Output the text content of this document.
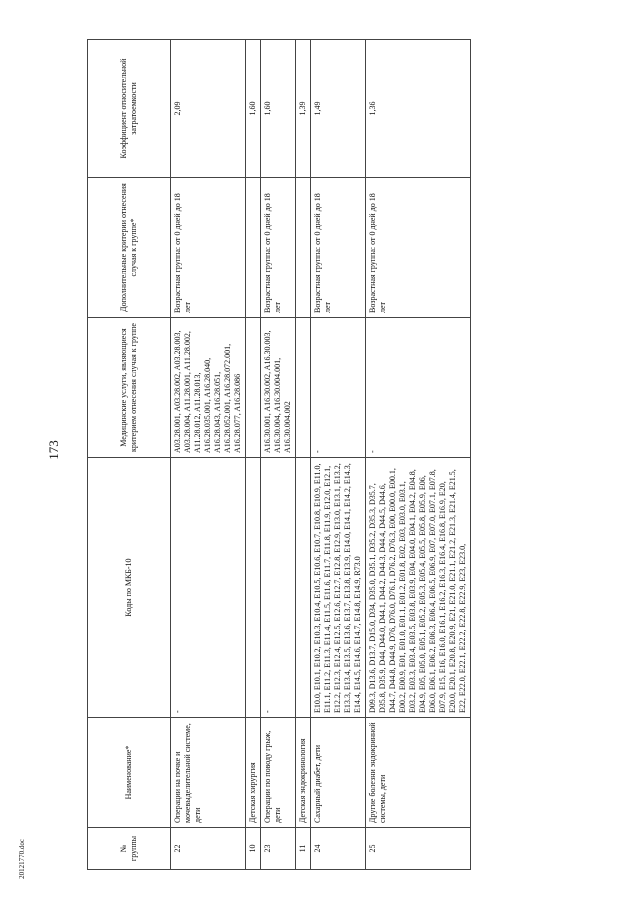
173
20121770.doc	№ группы	Наименование*	Коды по МКБ-10	Медицинские услуги, являющиеся критерием отнесения случая к группе	Дополнительные критерии отнесения случая к группе*	Коэффициент относительной затратоемкости
22	Операции на почке и мочевыделительной системе, дети	-	A03.28.001, A03.28.002, A03.28.003, A03.28.004, A11.28.001, A11.28.002, A11.28.012, A11.28.013, A16.28.035.001, A16.28.040, A16.28.043, A16.28.051, A16.28.052.001, A16.28.072.001, A16.28.077, A16.28.086	Возрастная группа: от 0 дней до 18 лет	2,09
10	Детская хирургия				1,60
23	Операции по поводу грыж, дети	-	A16.30.001, A16.30.002, A16.30.003, A16.30.004, A16.30.004.001, A16.30.004.002	Возрастная группа: от 0 дней до 18 лет	1,60
11	Детская эндокринология				1,39
24	Сахарный диабет, дети	E10.0, E10.1, E10.2, E10.3, E10.4, E10.5, E10.6, E10.7, E10.8, E10.9, E11.0, E11.1, E11.2, E11.3, E11.4, E11.5, E11.6, E11.7, E11.8, E11.9, E12.0, E12.1, E12.2, E12.3, E12.4, E12.5, E12.6, E12.7, E12.8, E12.9, E13.0, E13.1, E13.2, E13.3, E13.4, E13.5, E13.6, E13.7, E13.8, E13.9, E14.0, E14.1, E14.2, E14.3, E14.4, E14.5, E14.6, E14.7, E14.8, E14.9, R73.0	-	Возрастная группа: от 0 дней до 18 лет	1,49
25	Другие болезни эндокринной системы, дети	D09.3, D13.6, D13.7, D15.0, D34, D35.0, D35.1, D35.2, D35.3, D35.7, D35.8, D35.9, D44, D44.0, D44.1, D44.2, D44.3, D44.4, D44.5, D44.6, D44.7, D44.8, D44.9, D76, D76.0, D76.1, D76.2, D76.3, E00, E00.0, E00.1, E00.2, E00.9, E01, E01.0, E01.1, E01.2, E01.8, E02, E03, E03.0, E03.1, E03.2, E03.3, E03.4, E03.5, E03.8, E03.9, E04, E04.0, E04.1, E04.2, E04.8, E04.9, E05, E05.0, E05.1, E05.2, E05.3, E05.4, E05.5, E05.8, E05.9, E06, E06.0, E06.1, E06.2, E06.3, E06.4, E06.5, E06.9, E07, E07.0, E07.1, E07.8, E07.9, E15, E16, E16.0, E16.1, E16.2, E16.3, E16.4, E16.8, E16.9, E20, E20.0, E20.1, E20.8, E20.9, E21, E21.0, E21.1, E21.2, E21.3, E21.4, E21.5, E22, E22.0, E22.1, E22.2, E22.8, E22.9, E23, E23.0,	-	Возрастная группа: от 0 дней до 18 лет	1,36
